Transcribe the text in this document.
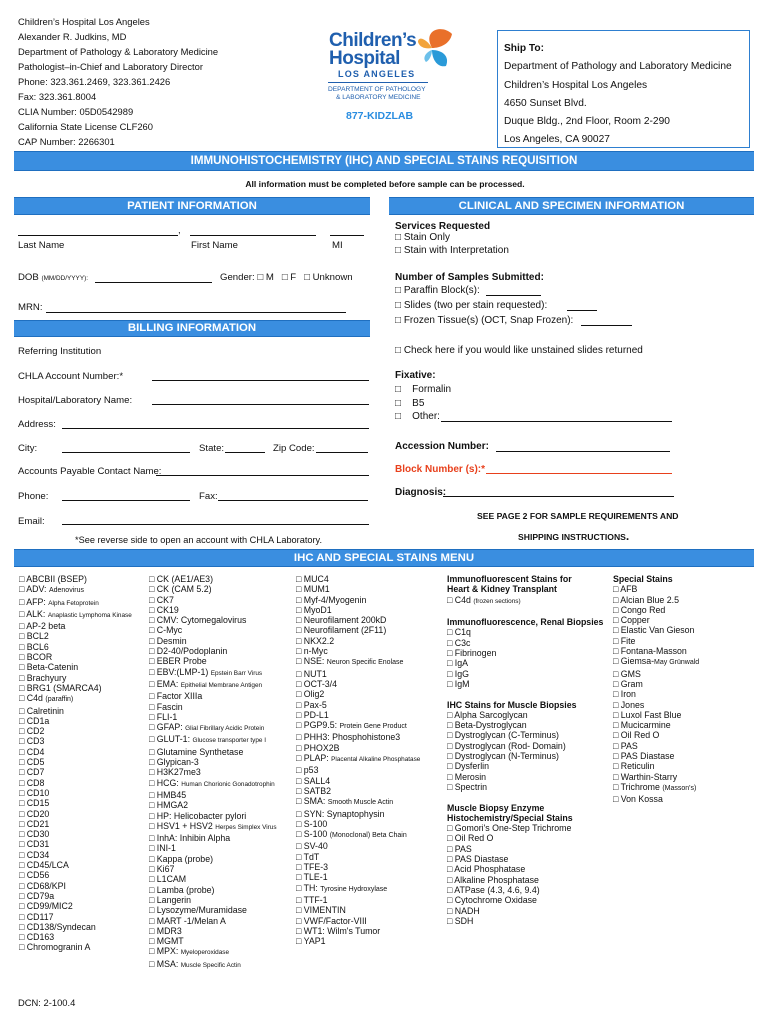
Children’s Hospital Los Angeles

Alexander R. Judkins, MD

Department of Pathology & Laboratory Medicine

Pathologist–in-Chief and Laboratory Director

Phone: 323.361.2469, 323.361.2426

Fax: 323.361.8004

CLIA Number: 05D0542989

California State License CLF260

CAP Number: 2266301

Children’s
Hospital
LOS ANGELES
DEPARTMENT OF PATHOLOGY
& LABORATORY MEDICINE
877-KIDZLAB

Ship To:

Department of Pathology and Laboratory Medicine

Children’s Hospital Los Angeles

4650 Sunset Blvd.

Duque Bldg., 2nd Floor, Room 2-290

Los Angeles, CA 90027

IMMUNOHISTOCHEMISTRY (IHC) AND SPECIAL STAINS REQUISITION
All information must be completed before sample can be processed.
PATIENT INFORMATION	CLINICAL AND SPECIMEN INFORMATION
,
Last Name	First Name	MI
DOB (MM/DD/YYYY):	Gender: □ M   □ F   □ Unknown
MRN:
BILLING INFORMATION
Referring Institution
CHLA Account Number:*
Hospital/Laboratory Name:
Address:
City:	State:	Zip Code:
Accounts Payable Contact Name:
Phone:	Fax:
Email:
*See reverse side to open an account with CHLA Laboratory.
Services Requested
□ Stain Only
□ Stain with Interpretation
Number of Samples Submitted:
□ Paraffin Block(s):
□ Slides (two per stain requested):
□ Frozen Tissue(s) (OCT, Snap Frozen):
□ Check here if you would like unstained slides returned
Fixative:
□    Formalin
□    B5
□    Other:
Accession Number:
Block Number (s):*
Diagnosis:
SEE PAGE 2 FOR SAMPLE REQUIREMENTS AND
SHIPPING INSTRUCTIONS.
IHC AND SPECIAL STAINS MENU
□ ABCBII (BSEP)
□ ADV: Adenovirus
□ AFP: Alpha Fetoprotein
□ ALK: Anaplastic Lymphoma Kinase
□ AP-2 beta
□ BCL2
□ BCL6
□ BCOR
□ Beta-Catenin
□ Brachyury
□ BRG1 (SMARCA4)
□ C4d (paraffin)
□ Calretinin
□ CD1a
□ CD2
□ CD3
□ CD4
□ CD5
□ CD7
□ CD8
□ CD10
□ CD15
□ CD20
□ CD21
□ CD30
□ CD31
□ CD34
□ CD45/LCA
□ CD56
□ CD68/KPI
□ CD79a
□ CD99/MIC2
□ CD117
□ CD138/Syndecan
□ CD163
□ Chromogranin A
□ CK (AE1/AE3)
□ CK (CAM 5.2)
□ CK7
□ CK19
□ CMV: Cytomegalovirus
□ C-Myc
□ Desmin
□ D2-40/Podoplanin
□ EBER Probe
□ EBV:(LMP-1) Epstein Barr Virus
□ EMA: Epithelial Membrane Antigen
□ Factor XIIIa
□ Fascin
□ FLI-1
□ GFAP: Glial Fibrillary Acidic Protein
□ GLUT-1: Glucose transporter type I
□ Glutamine Synthetase
□ Glypican-3
□ H3K27me3
□ HCG: Human Chorionic Gonadotrophin
□ HMB45
□ HMGA2
□ HP: Helicobacter pylori
□ HSV1 + HSV2 Herpes Simplex Virus
□ InhA: Inhibin Alpha
□ INI-1
□ Kappa (probe)
□ Ki67
□ L1CAM
□ Lamba (probe)
□ Langerin
□ Lysozyme/Muramidase
□ MART -1/Melan A
□ MDR3
□ MGMT
□ MPX: Myeloperoxidase
□ MSA: Muscle Specific Actin
□ MUC4
□ MUM1
□ Myf-4/Myogenin
□ MyoD1
□ Neurofilament 200kD
□ Neurofilament (2F11)
□ NKX2.2
□ n-Myc
□ NSE: Neuron Specific Enolase
□ NUT1
□ OCT-3/4
□ Olig2
□ Pax-5
□ PD-L1
□ PGP9.5: Protein Gene Product
□ PHH3: Phosphohistone3
□ PHOX2B
□ PLAP: Placental Alkaline Phosphatase
□ p53
□ SALL4
□ SATB2
□ SMA: Smooth Muscle Actin
□ SYN: Synaptophysin
□ S-100
□ S-100 (Monoclonal) Beta Chain
□ SV-40
□ TdT
□ TFE-3
□ TLE-1
□ TH: Tyrosine Hydroxylase
□ TTF-1
□ VIMENTIN
□ VWF/Factor-VIII
□ WT1: Wilm's Tumor
□ YAP1
Immunofluorescent Stains for
Heart & Kidney Transplant
□ C4d (frozen sections)
Immunofluorescence, Renal Biopsies
□ C1q
□ C3c
□ Fibrinogen
□ IgA
□ IgG
□ IgM
IHC Stains for Muscle Biopsies
□ Alpha Sarcoglycan
□ Beta-Dystroglycan
□ Dystroglycan (C-Terminus)
□ Dystroglycan (Rod- Domain)
□ Dystroglycan (N-Terminus)
□ Dysferlin
□ Merosin
□ Spectrin
Muscle Biopsy Enzyme
Histochemistry/Special Stains
□ Gomori's One-Step Trichrome
□ Oil Red O
□ PAS
□ PAS Diastase
□ Acid Phosphatase
□ Alkaline Phosphatase
□ ATPase (4.3, 4.6, 9.4)
□ Cytochrome Oxidase
□ NADH
□ SDH
Special Stains
□ AFB
□ Alcian Blue 2.5
□ Congo Red
□ Copper
□ Elastic Van Gieson
□ Fite
□ Fontana-Masson
□ Giemsa-May Grünwald
□ GMS
□ Gram
□ Iron
□ Jones
□ Luxol Fast Blue
□ Mucicarmine
□ Oil Red O
□ PAS
□ PAS Diastase
□ Reticulin
□ Warthin-Starry
□ Trichrome (Masson's)
□ Von Kossa
DCN: 2-100.4
